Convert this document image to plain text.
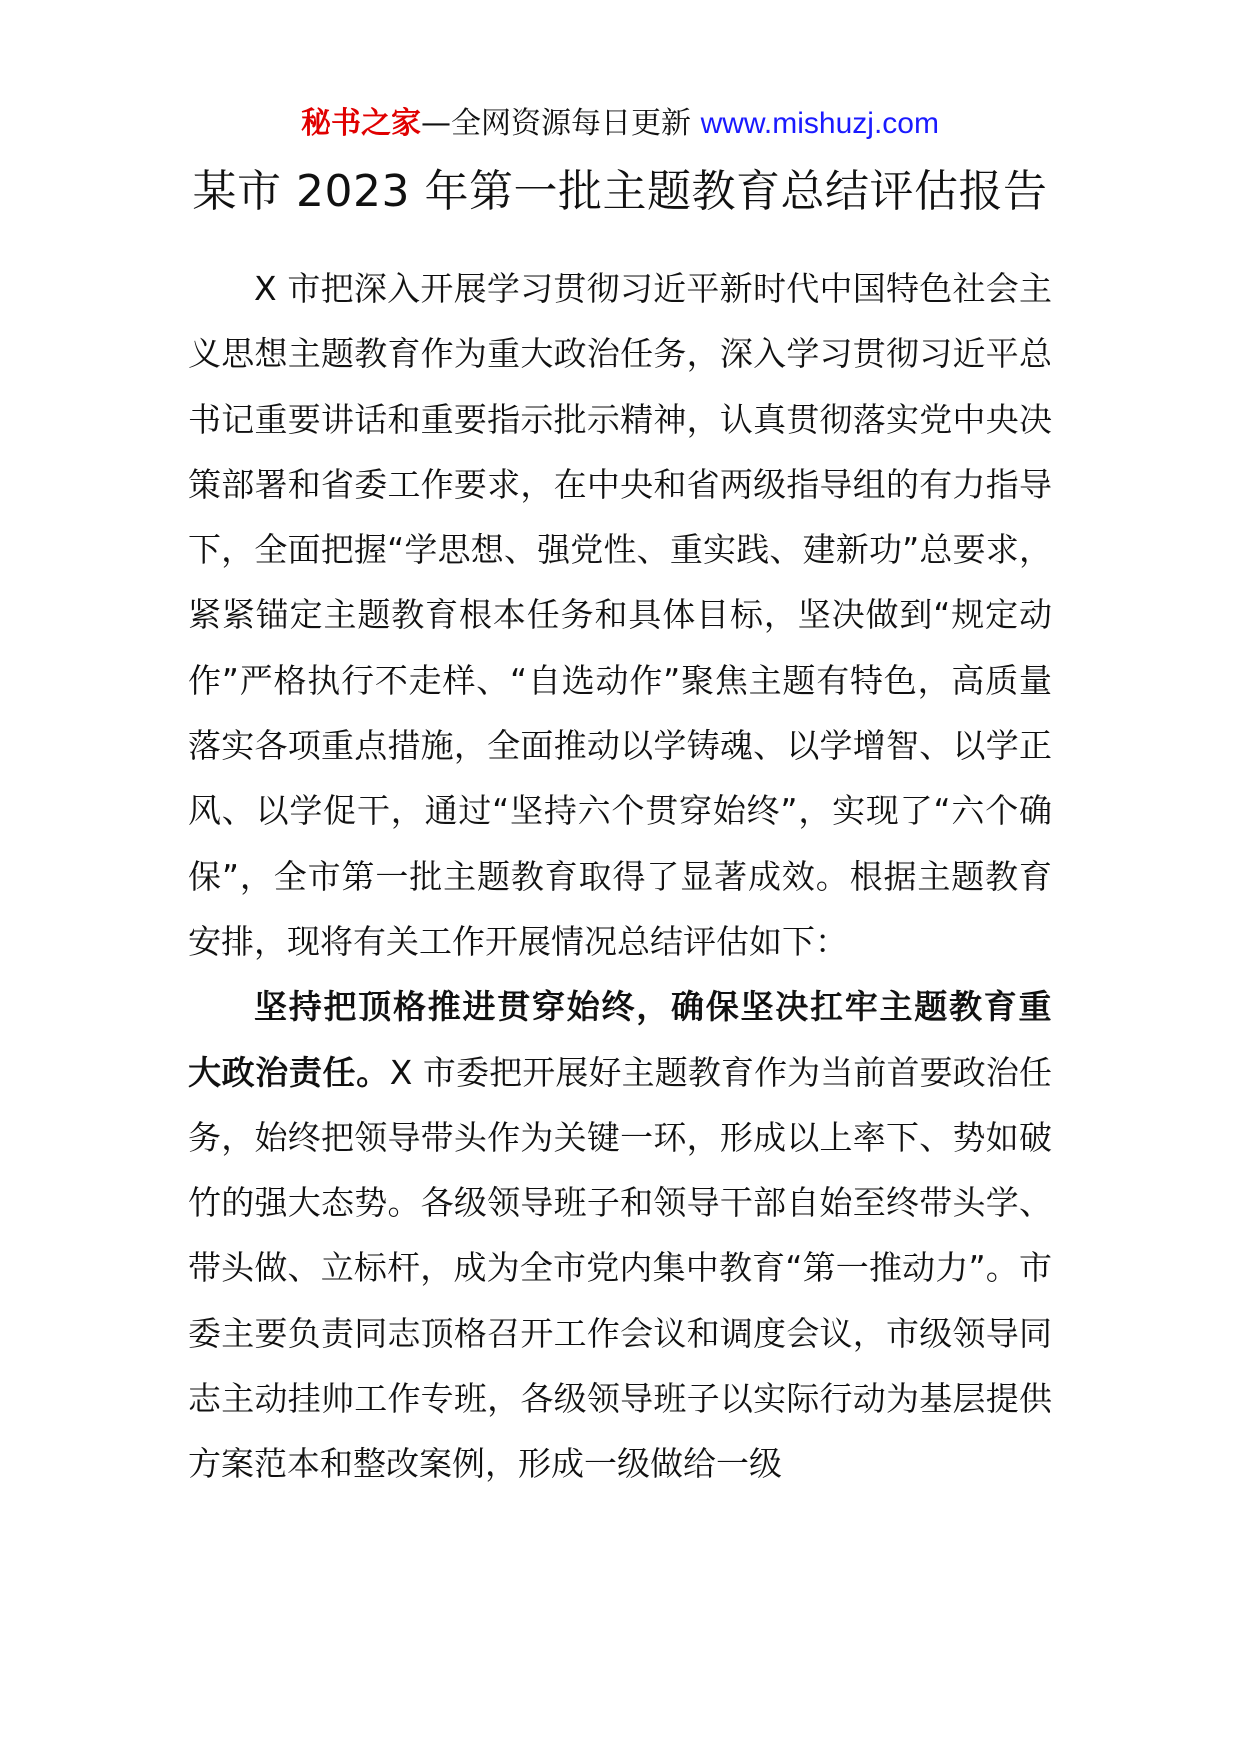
秘书之家—全网资源每日更新 www.mishuzj.com
某市 2023 年第一批主题教育总结评估报告

X 市把深入开展学习贯彻习近平新时代中国特色社会主义思想主题教育作为重大政治任务，深入学习贯彻习近平总书记重要讲话和重要指示批示精神，认真贯彻落实党中央决策部署和省委工作要求，在中央和省两级指导组的有力指导下，全面把握“学思想、强党性、重实践、建新功”总要求，紧紧锚定主题教育根本任务和具体目标，坚决做到“规定动作”严格执行不走样、“自选动作”聚焦主题有特色，高质量落实各项重点措施，全面推动以学铸魂、以学增智、以学正风、以学促干，通过“坚持六个贯穿始终”，实现了“六个确保”，全市第一批主题教育取得了显著成效。根据主题教育安排，现将有关工作开展情况总结评估如下：

坚持把顶格推进贯穿始终，确保坚决扛牢主题教育重大政治责任。X 市委把开展好主题教育作为当前首要政治任务，始终把领导带头作为关键一环，形成以上率下、势如破竹的强大态势。各级领导班子和领导干部自始至终带头学、带头做、立标杆，成为全市党内集中教育“第一推动力”。市委主要负责同志顶格召开工作会议和调度会议，市级领导同志主动挂帅工作专班，各级领导班子以实际行动为基层提供方案范本和整改案例，形成一级做给一级
